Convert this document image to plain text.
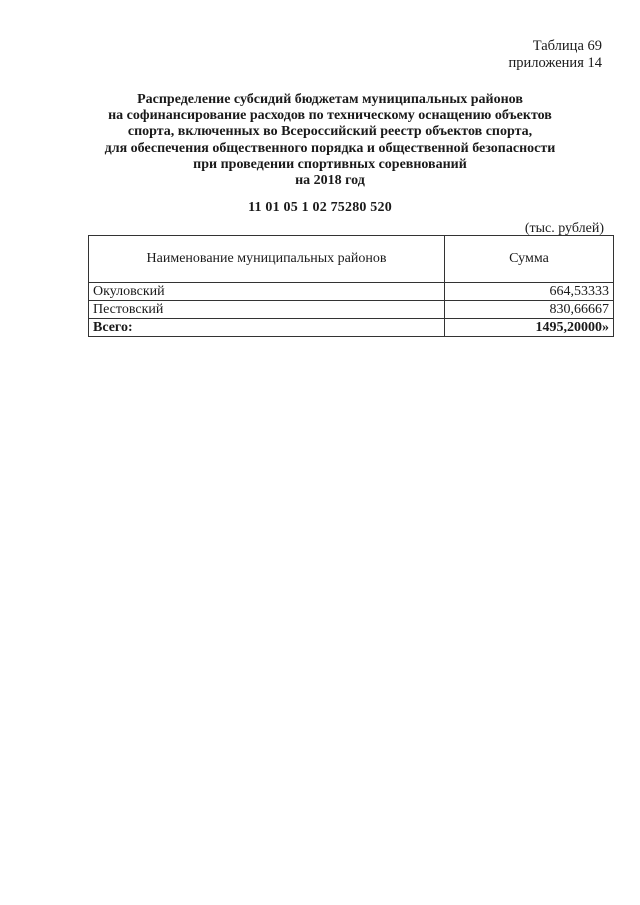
Таблица 69
приложения 14
Распределение субсидий бюджетам муниципальных районов
на софинансирование расходов по техническому оснащению объектов
спорта, включенных во Всероссийский реестр объектов спорта,
для обеспечения общественного порядка и общественной безопасности
при проведении спортивных соревнований
на 2018 год
11 01 05 1 02 75280 520
(тыс. рублей)
Наименование муниципальных районов	Сумма
Окуловский	664,53333
Пестовский	830,66667
Всего:	1495,20000»
